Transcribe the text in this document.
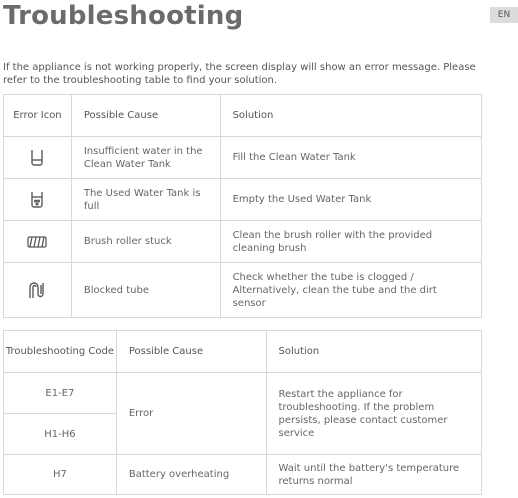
Troubleshooting	EN

If the appliance is not working properly, the screen display will show an error message. Please refer to the troubleshooting table to find your solution.

Error Icon	Possible Cause	Solution
	Insufficient water in the Clean Water Tank	Fill the Clean Water Tank
	The Used Water Tank is full	Empty the Used Water Tank
	Brush roller stuck	Clean the brush roller with the provided cleaning brush
	Blocked tube	Check whether the tube is clogged / Alternatively, clean the tube and the dirt sensor
Troubleshooting Code	Possible Cause	Solution
E1-E7	Error	Restart the appliance for troubleshooting. If the problem persists, please contact customer service
H1-H6		
H7	Battery overheating	Wait until the battery's temperature returns normal
